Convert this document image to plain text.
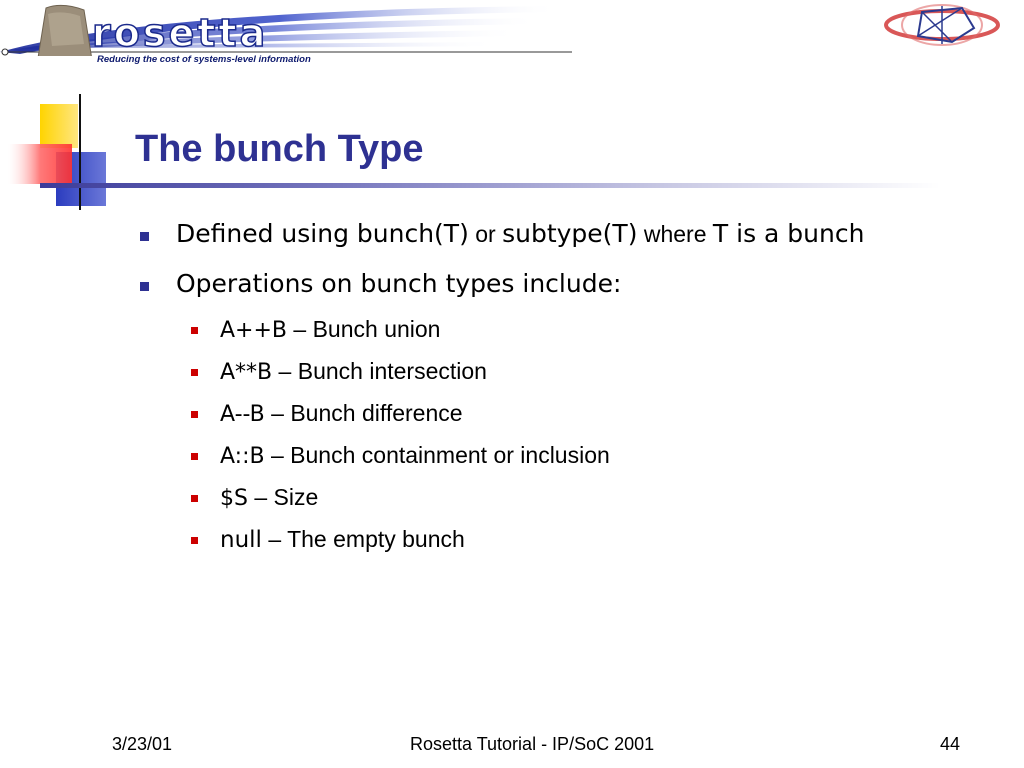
rosetta
Reducing the cost of systems-level information
The bunch Type
Defined using bunch(T) or subtype(T) where T is a bunch
Operations on bunch types include:
A++B – Bunch union
A**B – Bunch intersection
A--B – Bunch difference
A::B – Bunch containment or inclusion
$S – Size
null – The empty bunch
3/23/01	Rosetta Tutorial - IP/SoC 2001	44
